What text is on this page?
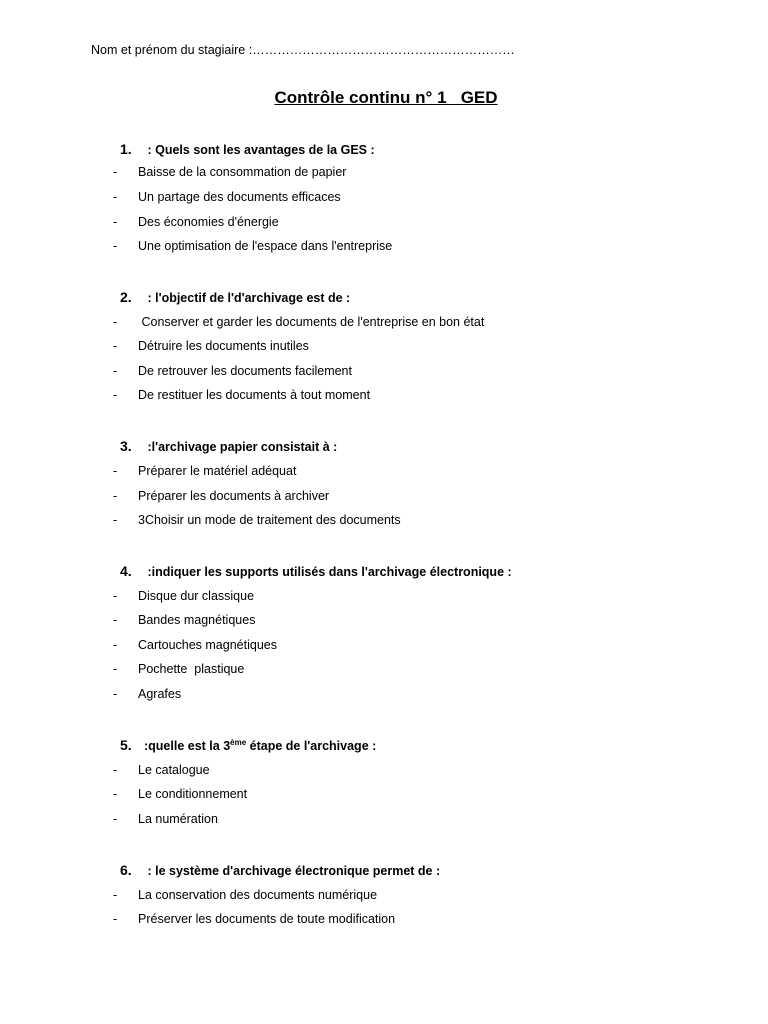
Nom et prénom du stagiaire :………………………………………………………
Contrôle continu n° 1   GED
1. : Quels sont les avantages de la GES :
- Baisse de la consommation de papier
- Un partage des documents efficaces
- Des économies d'énergie
- Une optimisation de l'espace dans l'entreprise
2. : l'objectif de l'd'archivage est de :
- Conserver et garder les documents de l'entreprise en bon état
- Détruire les documents inutiles
- De retrouver les documents facilement
- De restituer les documents à tout moment
3. :l'archivage papier consistait à :
- Préparer le matériel adéquat
- Préparer les documents à archiver
- 3Choisir un mode de traitement des documents
4. :indiquer les supports utilisés dans l'archivage électronique :
- Disque dur classique
- Bandes magnétiques
- Cartouches magnétiques
- Pochette  plastique
- Agrafes
5. :quelle est la 3ème étape de l'archivage :
- Le catalogue
- Le conditionnement
- La numération
6. : le système d'archivage électronique permet de :
- La conservation des documents numérique
- Préserver les documents de toute modification
